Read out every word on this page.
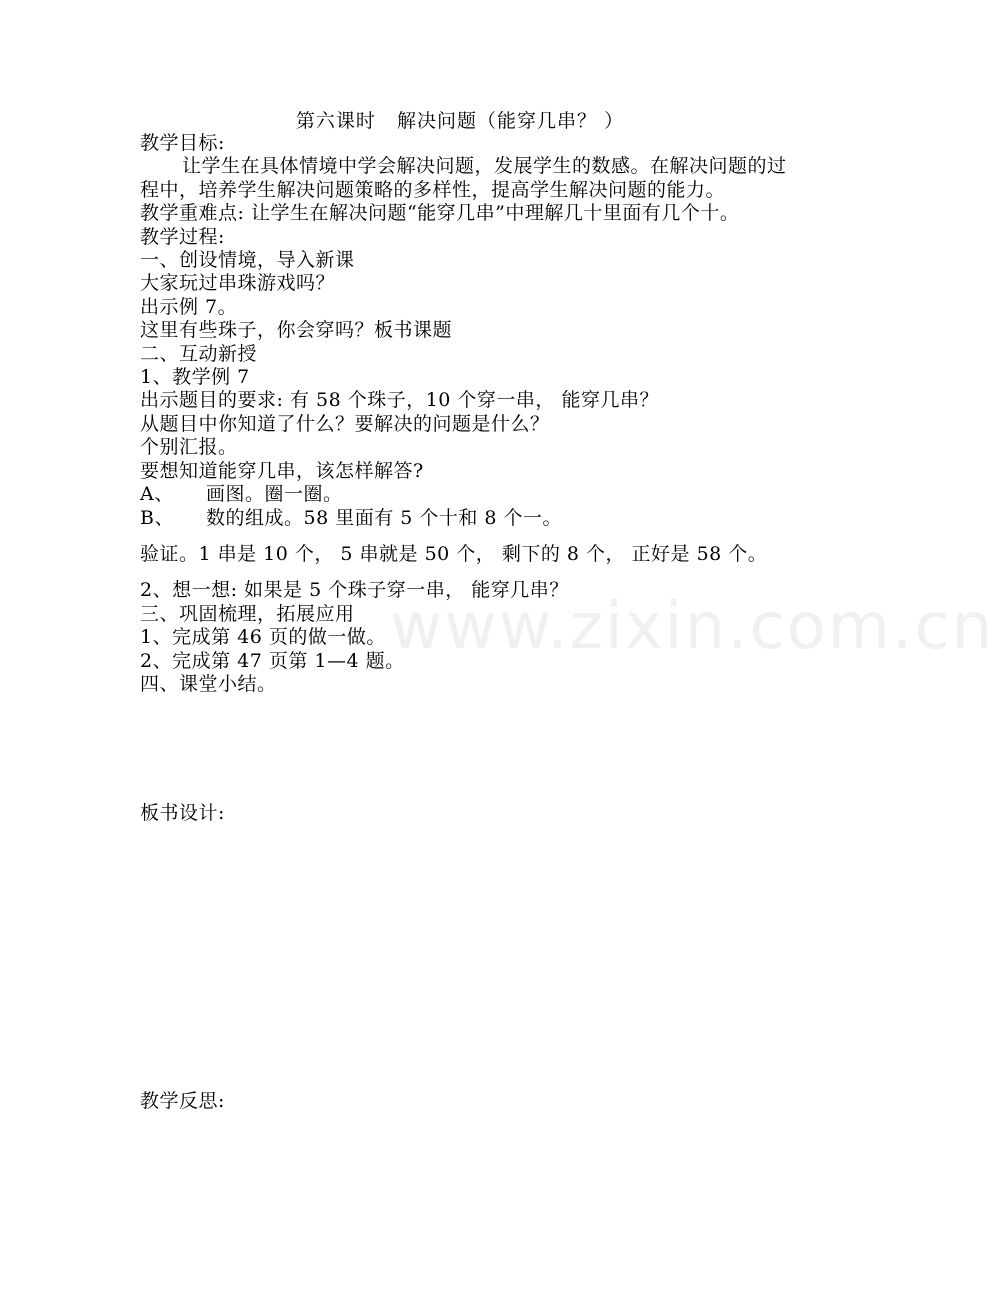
第六课时   解决问题（能穿几串？ ）

教学目标:

让学生在具体情境中学会解决问题，发展学生的数感。在解决问题的过程中，培养学生解决问题策略的多样性，提高学生解决问题的能力。

教学重难点: 让学生在解决问题“能穿几串”中理解几十里面有几个十。

教学过程:

一、创设情境，导入新课

大家玩过串珠游戏吗？

出示例 7。

这里有些珠子，你会穿吗？板书课题

二、互动新授

1、教学例 7

出示题目的要求: 有 58 个珠子，10 个穿一串， 能穿几串？

从题目中你知道了什么？要解决的问题是什么？

个别汇报。

要想知道能穿几串，该怎样解答?

A、 画图。圈一圈。

B、 数的组成。58 里面有 5 个十和 8 个一。

验证。1 串是 10 个， 5 串就是 50 个， 剩下的 8 个， 正好是 58 个。

2、想一想: 如果是 5 个珠子穿一串， 能穿几串？

三、巩固梳理，拓展应用

1、完成第 46 页的做一做。

2、完成第 47 页第 1—4 题。

四、课堂小结。

板书设计:
教学反思:
www.zixin.com.cn
